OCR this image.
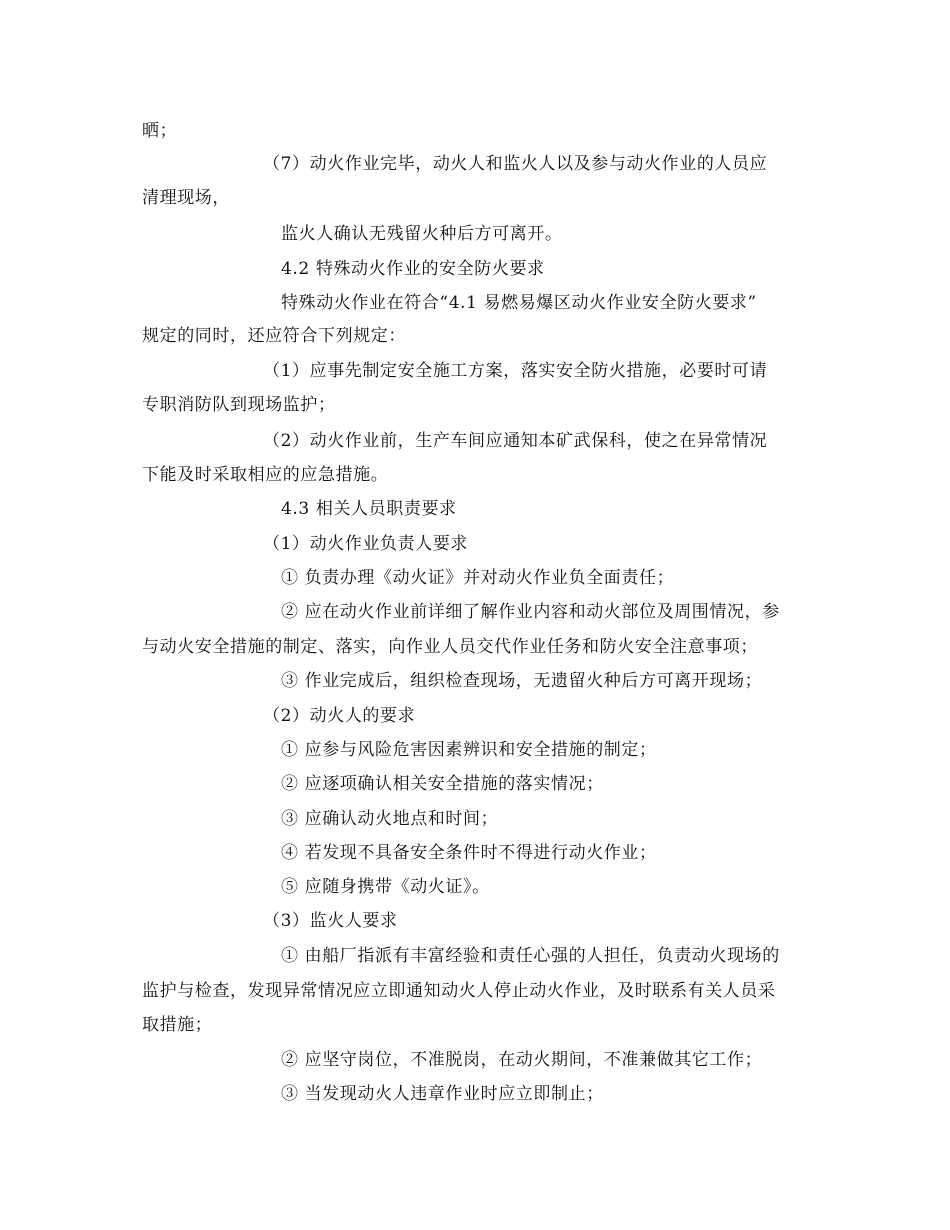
晒；
（7）动火作业完毕，动火人和监火人以及参与动火作业的人员应
清理现场，
监火人确认无残留火种后方可离开。
4.2 特殊动火作业的安全防火要求
特殊动火作业在符合“4.1 易燃易爆区动火作业安全防火要求”
规定的同时，还应符合下列规定：
（1）应事先制定安全施工方案，落实安全防火措施，必要时可请
专职消防队到现场监护；
（2）动火作业前，生产车间应通知本矿武保科，使之在异常情况
下能及时采取相应的应急措施。
4.3 相关人员职责要求
（1）动火作业负责人要求
① 负责办理《动火证》并对动火作业负全面责任；
② 应在动火作业前详细了解作业内容和动火部位及周围情况，参
与动火安全措施的制定、落实，向作业人员交代作业任务和防火安全注意事项；
③ 作业完成后，组织检查现场，无遗留火种后方可离开现场；
（2）动火人的要求
① 应参与风险危害因素辨识和安全措施的制定；
② 应逐项确认相关安全措施的落实情况；
③ 应确认动火地点和时间；
④ 若发现不具备安全条件时不得进行动火作业；
⑤ 应随身携带《动火证》。
（3）监火人要求
① 由船厂指派有丰富经验和责任心强的人担任，负责动火现场的
监护与检查，发现异常情况应立即通知动火人停止动火作业，及时联系有关人员采
取措施；
② 应坚守岗位，不准脱岗，在动火期间，不准兼做其它工作；
③ 当发现动火人违章作业时应立即制止；
